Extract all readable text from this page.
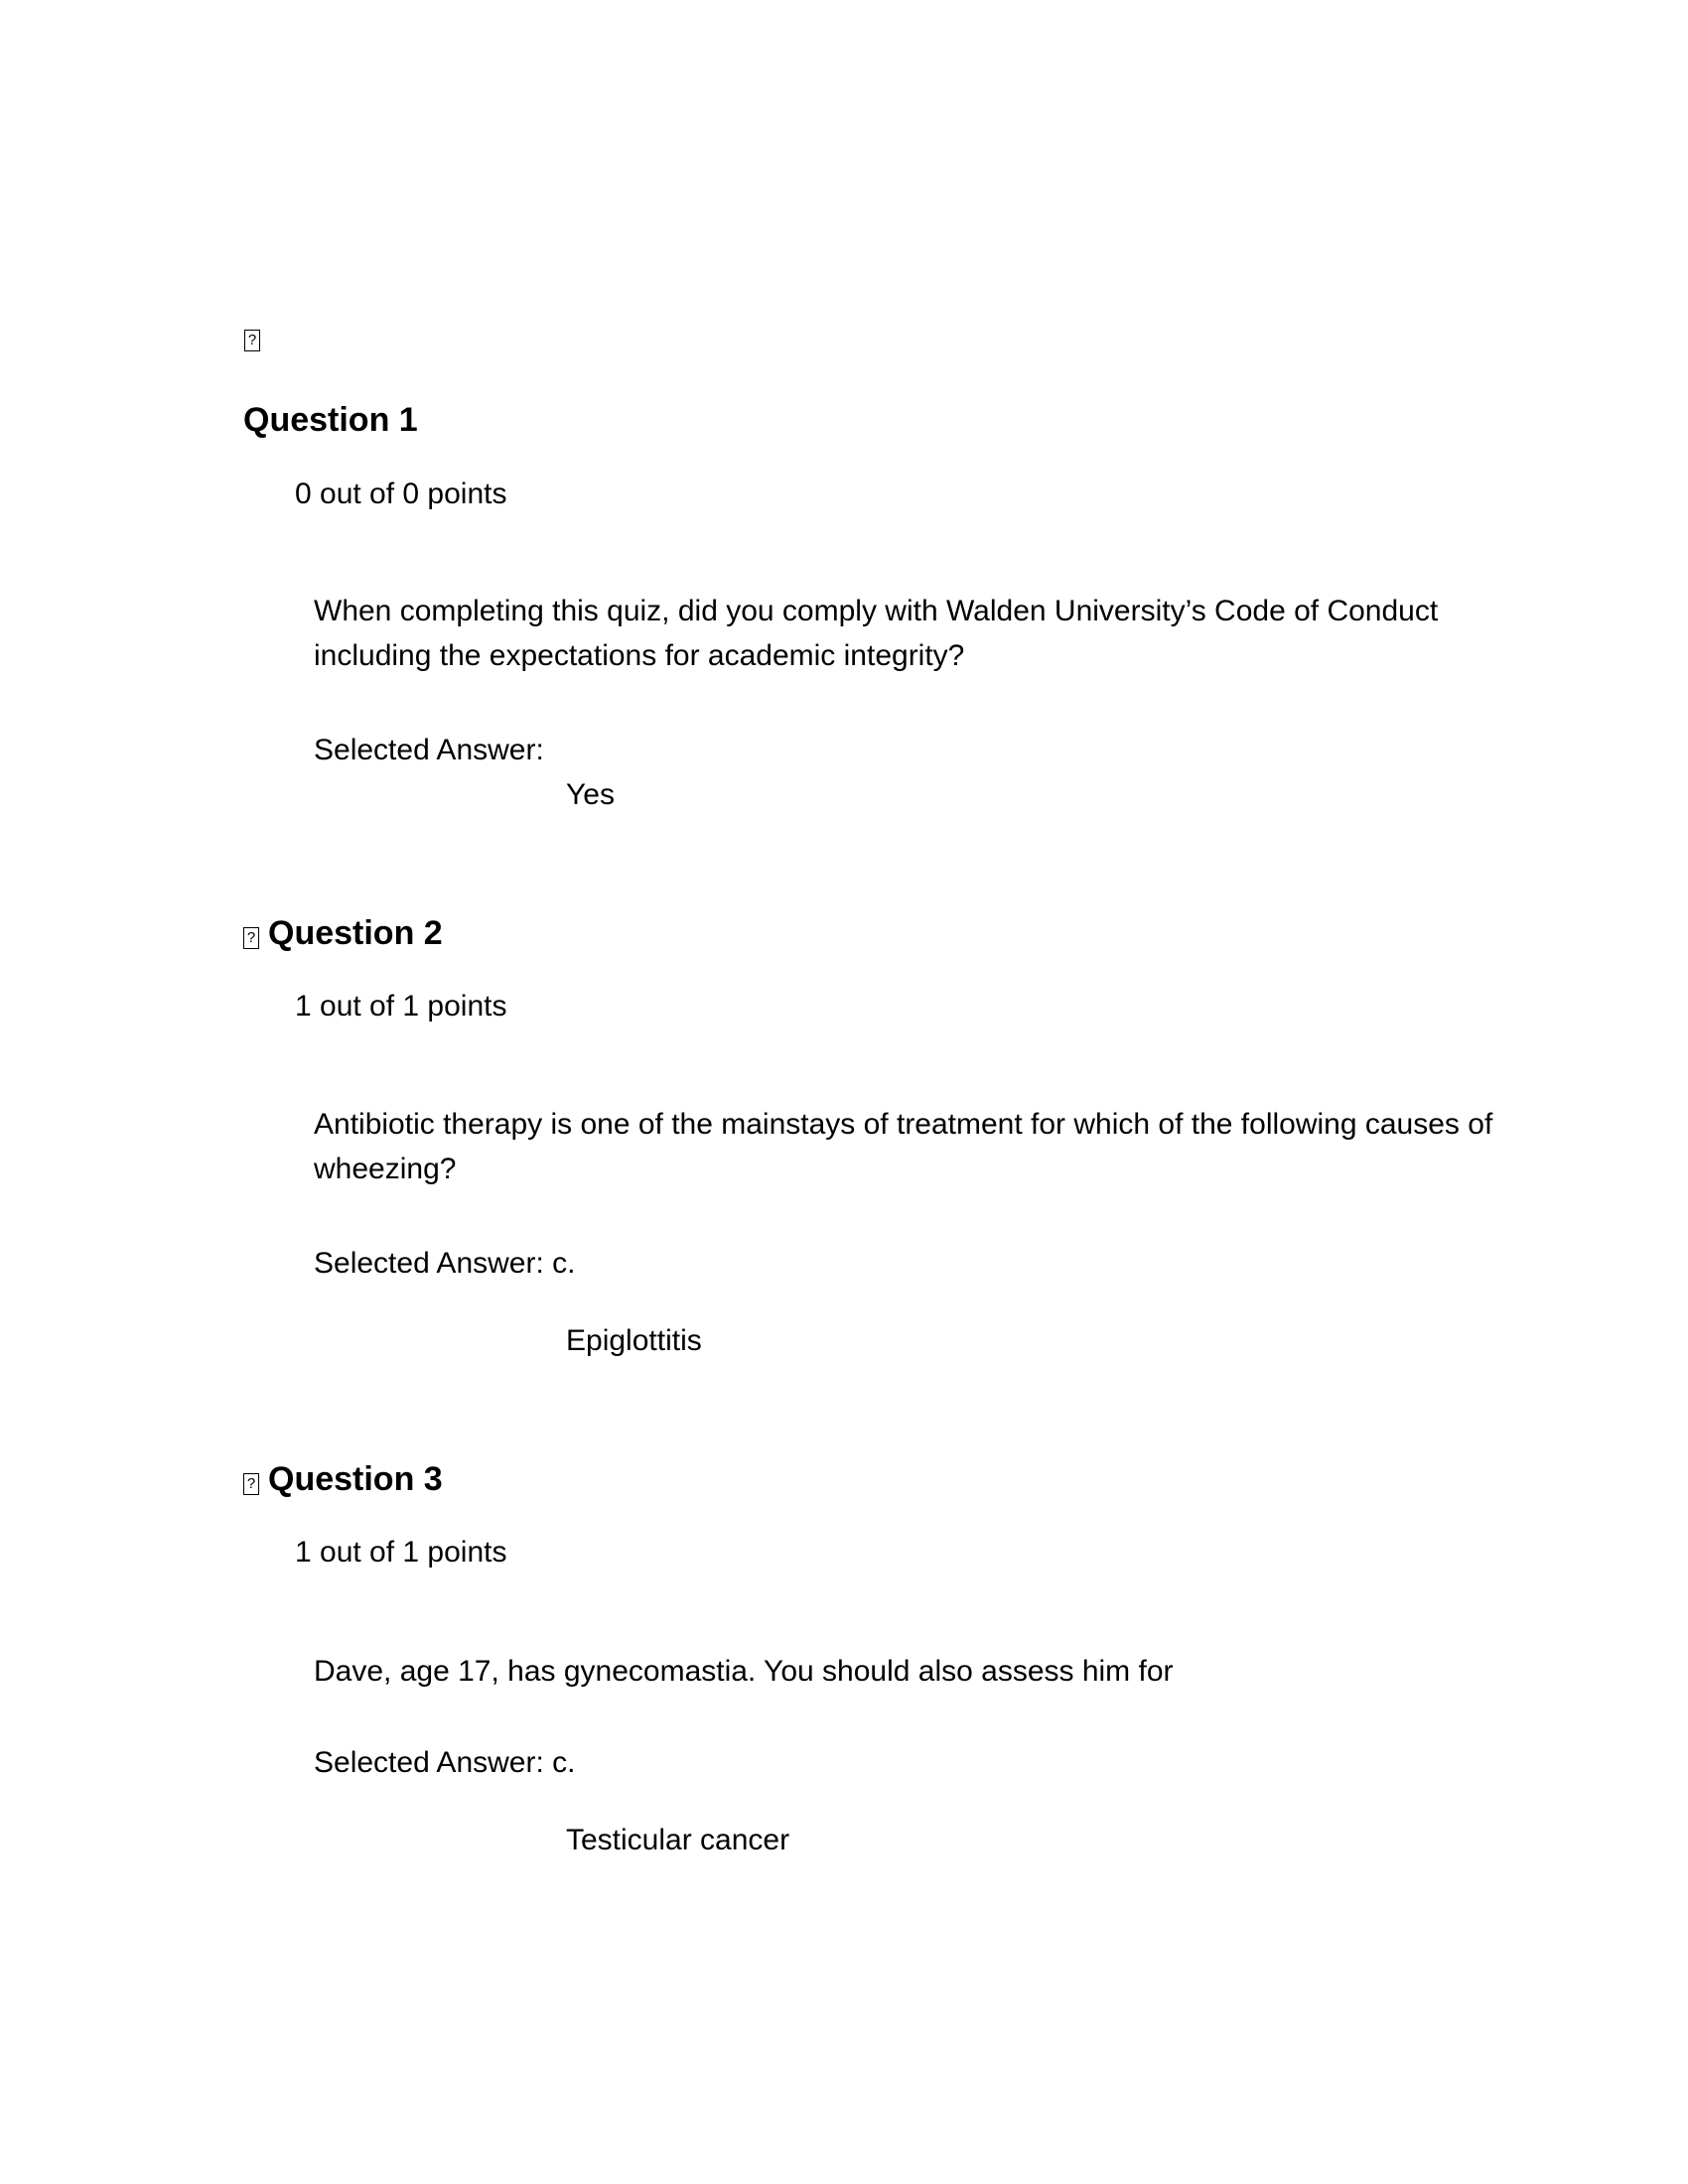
?
Question 1
0 out of 0 points
When completing this quiz, did you comply with Walden University’s Code of Conduct including the expectations for academic integrity?
Selected Answer:
Yes
? Question 2
1 out of 1 points
Antibiotic therapy is one of the mainstays of treatment for which of the following causes of wheezing?
Selected Answer: c.
Epiglottitis
? Question 3
1 out of 1 points
Dave, age 17, has gynecomastia. You should also assess him for
Selected Answer: c.
Testicular cancer
